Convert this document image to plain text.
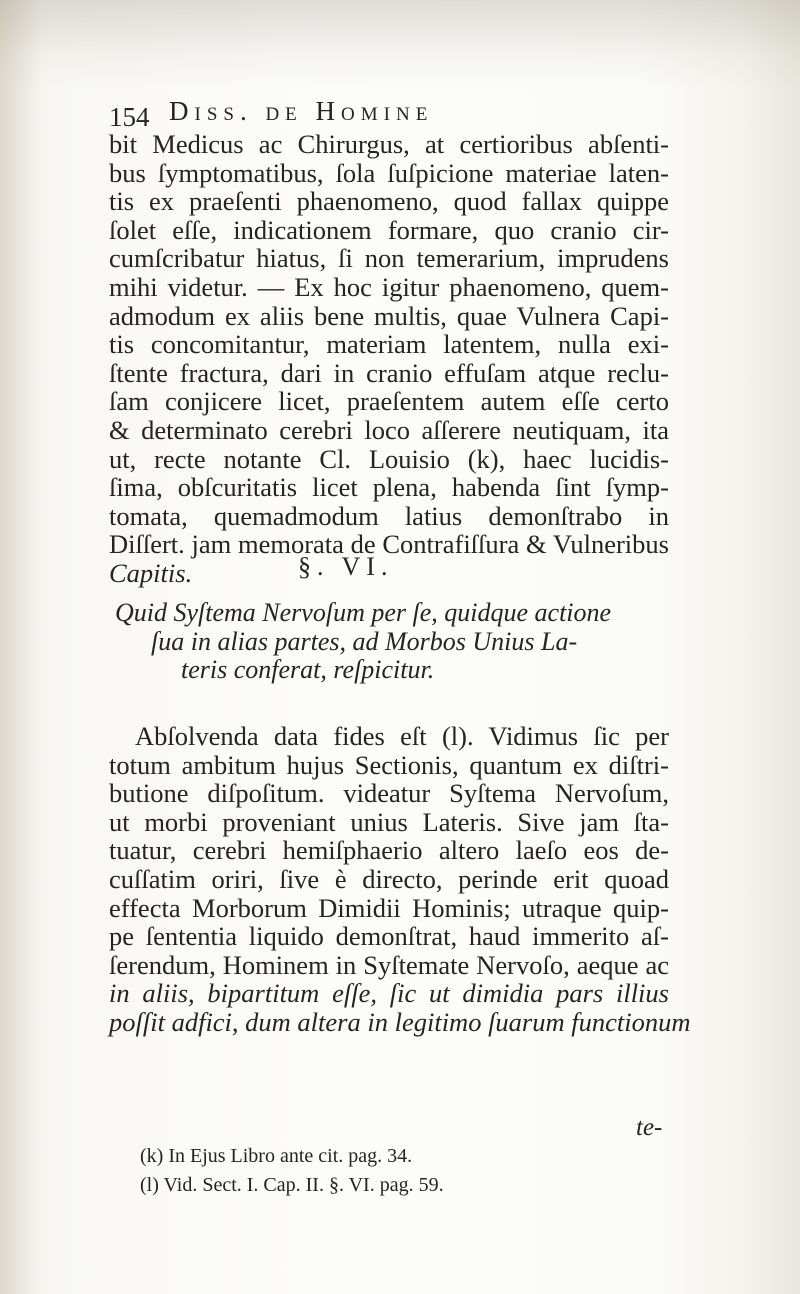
154 Diss. de Homine
bit Medicus ac Chirurgus, at certioribus abſenti-
bus ſymptomatibus, ſola ſuſpicione materiae laten-
tis ex praeſenti phaenomeno, quod fallax quippe
ſolet eſſe, indicationem formare, quo cranio cir-
cumſcribatur hiatus, ſi non temerarium, imprudens
mihi videtur. — Ex hoc igitur phaenomeno, quem-
admodum ex aliis bene multis, quae Vulnera Capi-
tis concomitantur, materiam latentem, nulla exi-
ſtente fractura, dari in cranio effuſam atque reclu-
ſam conjicere licet, praeſentem autem eſſe certo
& determinato cerebri loco aſſerere neutiquam, ita
ut, recte notante Cl. Louisio (k), haec lucidis-
ſima, obſcuritatis licet plena, habenda ſint ſymp-
tomata, quemadmodum latius demonſtrabo in
Diſſert. jam memorata de Contrafiſſura & Vulneribus
Capitis.	§. VI.
Quid Syſtema Nervoſum per ſe, quidque actione
ſua in alias partes, ad Morbos Unius La-
teris conferat, reſpicitur.
Abſolvenda data fides eſt (l). Vidimus ſic per
totum ambitum hujus Sectionis, quantum ex diſtri-
butione diſpoſitum. videatur Syſtema Nervoſum,
ut morbi proveniant unius Lateris. Sive jam ſta-
tuatur, cerebri hemiſphaerio altero laeſo eos de-
cuſſatim oriri, ſive è directo, perinde erit quoad
effecta Morborum Dimidii Hominis; utraque quip-
pe ſententia liquido demonſtrat, haud immerito aſ-
ſerendum, Hominem in Syſtemate Nervoſo, aeque ac
in aliis, bipartitum eſſe, ſic ut dimidia pars illius
poſſit adfici, dum altera in legitimo ſuarum functionum
te-
(k) In Ejus Libro ante cit. pag. 34.
(l) Vid. Sect. I. Cap. II. §. VI. pag. 59.
